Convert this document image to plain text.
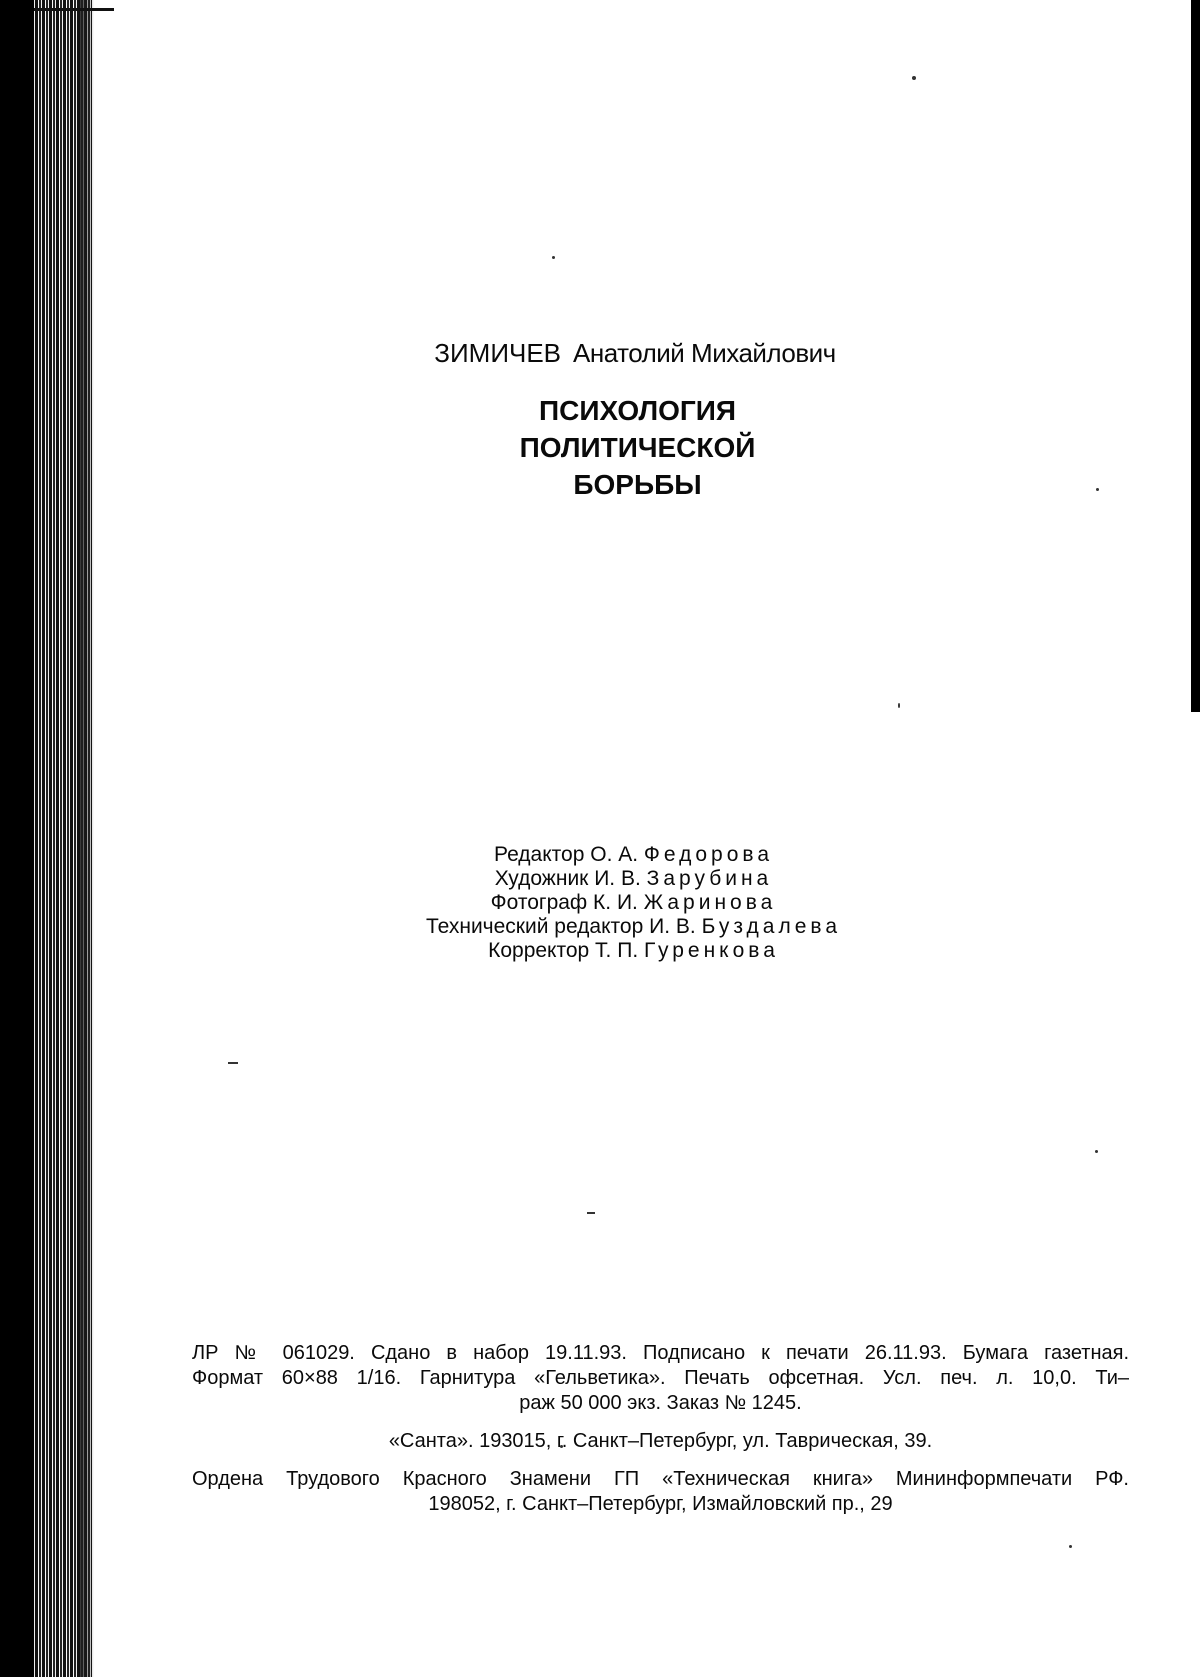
ЗИМИЧЕВ Анатолий Михайлович
ПСИХОЛОГИЯ
ПОЛИТИЧЕСКОЙ
БОРЬБЫ
Редактор О. А. Федорова
Художник И. В. Зарубина
Фотограф К. И. Жаринова
Технический редактор И. В. Буздалева
Корректор Т. П. Гуренкова
ЛР № 061029. Сдано в набор 19.11.93. Подписано к печати 26.11.93. Бумага газетная.
Формат 60×88 1/16. Гарнитура «Гельветика». Печать офсетная. Усл. печ. л. 10,0. Ти–
раж 50 000 экз. Заказ № 1245.
«Санта». 193015, г. Санкт–Петербург, ул. Таврическая, 39.
Ордена Трудового Красного Знамени ГП «Техническая книга» Мининформпечати РФ.
198052, г. Санкт–Петербург, Измайловский пр., 29
